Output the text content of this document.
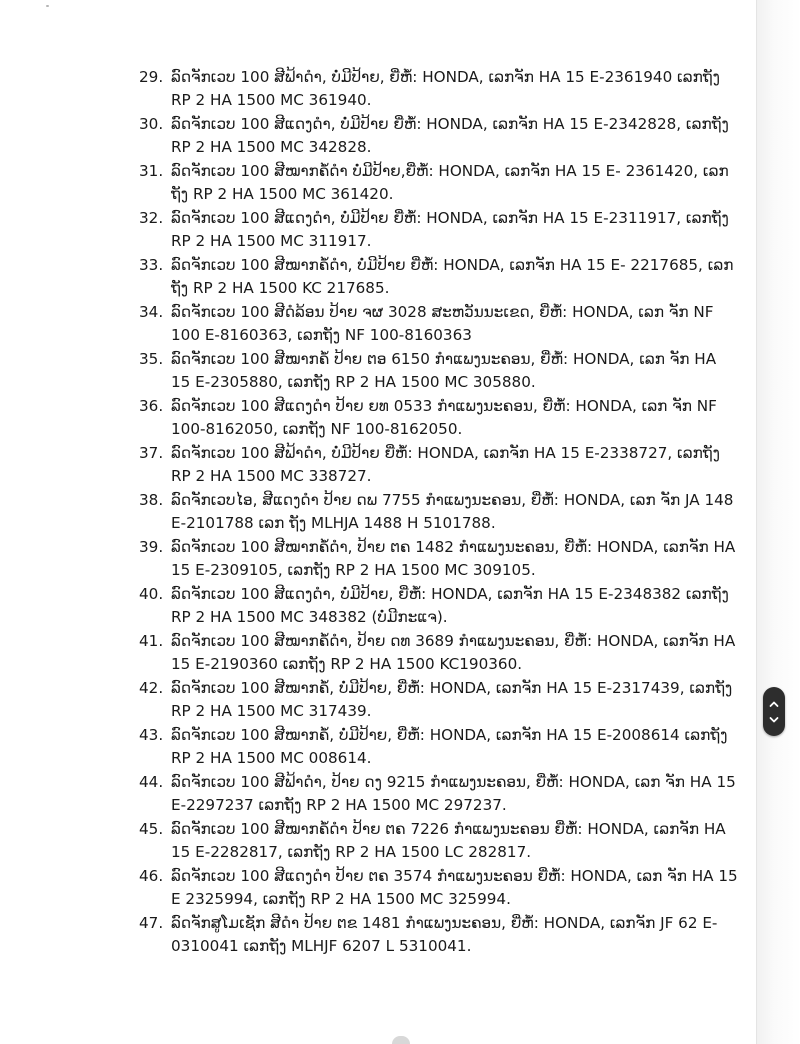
29. ລົດຈັກເວບ 100 ສີຟ້າດຳ, ບໍ່ມີປ້າຍ, ຍີ່ຫໍ້: HONDA, ເລກຈັກ HA 15 E-2361940 ເລກຖັງ RP 2 HA 1500 MC 361940.
30. ລົດຈັກເວບ 100 ສີແດງດຳ, ບໍ່ມີປ້າຍ ຍີ່ຫໍ້: HONDA, ເລກຈັກ HA 15 E-2342828, ເລກຖັງ RP 2 HA 1500 MC 342828.
31. ລົດຈັກເວບ 100 ສີໝາກຄໍ້ດຳ ບໍ່ມີປ້າຍ,ຍີ່ຫໍ້: HONDA, ເລກຈັກ HA 15 E- 2361420, ເລກຖັງ RP 2 HA 1500 MC 361420.
32. ລົດຈັກເວບ 100 ສີແດງດຳ, ບໍ່ມີປ້າຍ ຍີ່ຫໍ້: HONDA, ເລກຈັກ HA 15 E-2311917, ເລກຖັງ RP 2 HA 1500 MC 311917.
33. ລົດຈັກເວບ 100 ສີໝາກຄໍ້ດຳ, ບໍ່ມີປ້າຍ ຍີ່ຫໍ້: HONDA, ເລກຈັກ HA 15 E- 2217685, ເລກຖັງ RP 2 HA 1500 KC 217685.
34. ລົດຈັກເວບ 100 ສີດໍລ້ອນ ປ້າຍ ຈຜ 3028 ສະຫວັນນະເຂດ, ຍີ່ຫໍ້: HONDA, ເລກ ຈັກ NF 100 E-8160363, ເລກຖັງ NF 100-8160363
35. ລົດຈັກເວບ 100 ສີໝາກຄໍ້ ປ້າຍ ຕອ 6150 ກຳແພງນະຄອນ, ຍີ່ຫໍ້: HONDA, ເລກ ຈັກ HA 15 E-2305880, ເລກຖັງ RP 2 HA 1500 MC 305880.
36. ລົດຈັກເວບ 100 ສີແດງດຳ ປ້າຍ ຍທ 0533 ກຳແພງນະຄອນ, ຍີ່ຫໍ້: HONDA, ເລກ ຈັກ NF 100-8162050, ເລກຖັງ NF 100-8162050.
37. ລົດຈັກເວບ 100 ສີຟ້າດຳ, ບໍ່ມີປ້າຍ ຍີ່ຫໍ້: HONDA, ເລກຈັກ HA 15 E-2338727, ເລກຖັງ RP 2 HA 1500 MC 338727.
38. ລົດຈັກເວບໄອ, ສີແດງດຳ ປ້າຍ ດພ 7755 ກຳແພງນະຄອນ, ຍີ່ຫໍ້: HONDA, ເລກ ຈັກ JA 148 E-2101788 ເລກ ຖັງ MLHJA 1488 H 5101788.
39. ລົດຈັກເວບ 100 ສີໝາກຄໍ້ດຳ, ປ້າຍ ຕຄ 1482 ກຳແພງນະຄອນ, ຍີ່ຫໍ້: HONDA, ເລກຈັກ HA 15 E-2309105, ເລກຖັງ RP 2 HA 1500 MC 309105.
40. ລົດຈັກເວບ 100 ສີແດງດຳ, ບໍ່ມີປ້າຍ, ຍີ່ຫໍ້: HONDA, ເລກຈັກ HA 15 E-2348382 ເລກຖັງ RP 2 HA 1500 MC 348382 (ບໍ່ມີກະແຈ).
41. ລົດຈັກເວບ 100 ສີໝາກຄໍ້ດຳ, ປ້າຍ ດທ 3689 ກຳແພງນະຄອນ, ຍີ່ຫໍ້: HONDA, ເລກຈັກ HA 15 E-2190360 ເລກຖັງ RP 2 HA 1500 KC190360.
42. ລົດຈັກເວບ 100 ສີໝາກຄໍ້, ບໍ່ມີປ້າຍ, ຍີ່ຫໍ້: HONDA, ເລກຈັກ HA 15 E-2317439, ເລກຖັງ RP 2 HA 1500 MC 317439.
43. ລົດຈັກເວບ 100 ສີໝາກຄໍ້, ບໍ່ມີປ້າຍ, ຍີ່ຫໍ້: HONDA, ເລກຈັກ HA 15 E-2008614 ເລກຖັງ RP 2 HA 1500 MC 008614.
44. ລົດຈັກເວບ 100 ສີຟ້າດຳ, ປ້າຍ ດງ 9215 ກຳແພງນະຄອນ, ຍີ່ຫໍ້: HONDA, ເລກ ຈັກ HA 15 E-2297237 ເລກຖັງ RP 2 HA 1500 MC 297237.
45. ລົດຈັກເວບ 100 ສີໝາກຄໍ້ດຳ ປ້າຍ ຕຄ 7226 ກຳແພງນະຄອນ ຍີ່ຫໍ້: HONDA, ເລກຈັກ HA 15 E-2282817, ເລກຖັງ RP 2 HA 1500 LC 282817.
46. ລົດຈັກເວບ 100 ສີແດງດຳ ປ້າຍ ຕຄ 3574 ກຳແພງນະຄອນ ຍີ່ຫໍ້: HONDA, ເລກ ຈັກ HA 15 E 2325994, ເລກຖັງ RP 2 HA 1500 MC 325994.
47. ລົດຈັກສູໂມເຊັກ ສີດຳ ປ້າຍ ຕຂ 1481 ກຳແພງນະຄອນ, ຍີ່ຫໍ້: HONDA, ເລກຈັກ JF 62 E-0310041 ເລກຖັງ MLHJF 6207 L 5310041.
